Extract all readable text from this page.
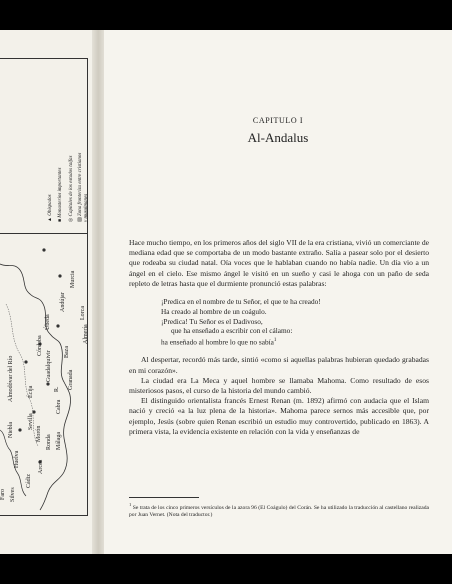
▲ Obispados
■ Monasterios importantes
◎ Capitales de los estados taifas
▨ Zona fronteriza entre cristianos y musulmanes
Murcia
Lorca
Andújar
Almería
Úbeda
Baza
Córdoba
Guadalquivir
R. Granada
Almodóvar del Río Écija
Cabra
Sevilla
Morón
Ronda Málaga
Niebla
Huelva	Arcos
Cádiz
Silves
Faro
CAPITULO I
Al-Andalus

Hace mucho tiempo, en los primeros años del siglo VII de la era cristiana, vivió un comerciante de mediana edad que se comportaba de un modo bastante extraño. Salía a pasear solo por el desierto que rodeaba su ciudad natal. Oía voces que le hablaban cuando no había nadie. Un día vio a un ángel en el cielo. Ese mismo ángel le visitó en un sueño y casi le ahoga con un paño de seda repleto de letras hasta que el durmiente pronunció estas palabras:

¡Predica en el nombre de tu Señor, el que te ha creado!
Ha creado al hombre de un coágulo.
¡Predica! Tu Señor es el Dadivoso,
que ha enseñado a escribir con el cálamo:
ha enseñado al hombre lo que no sabía$^1$

Al despertar, recordó más tarde, sintió «como si aquellas palabras hubieran quedado grabadas en mi corazón».

La ciudad era La Meca y aquel hombre se llamaba Mahoma. Como resultado de esos misteriosos pasos, el curso de la historia del mundo cambió.

El distinguido orientalista francés Ernest Renan (m. 1892) afirmó con audacia que el Islam nació y creció «a la luz plena de la historia». Mahoma parece sernos más accesible que, por ejemplo, Jesús (sobre quien Renan escribió un estudio muy controvertido, publicado en 1863). A primera vista, la evidencia existente en relación con la vida y enseñanzas de

$^1$ Se trata de los cinco primeros versículos de la azora 96 (El Coágulo) del Corán. Se ha utilizado la traducción al castellano realizada por Juan Vernet. (Nota del traductor.)
